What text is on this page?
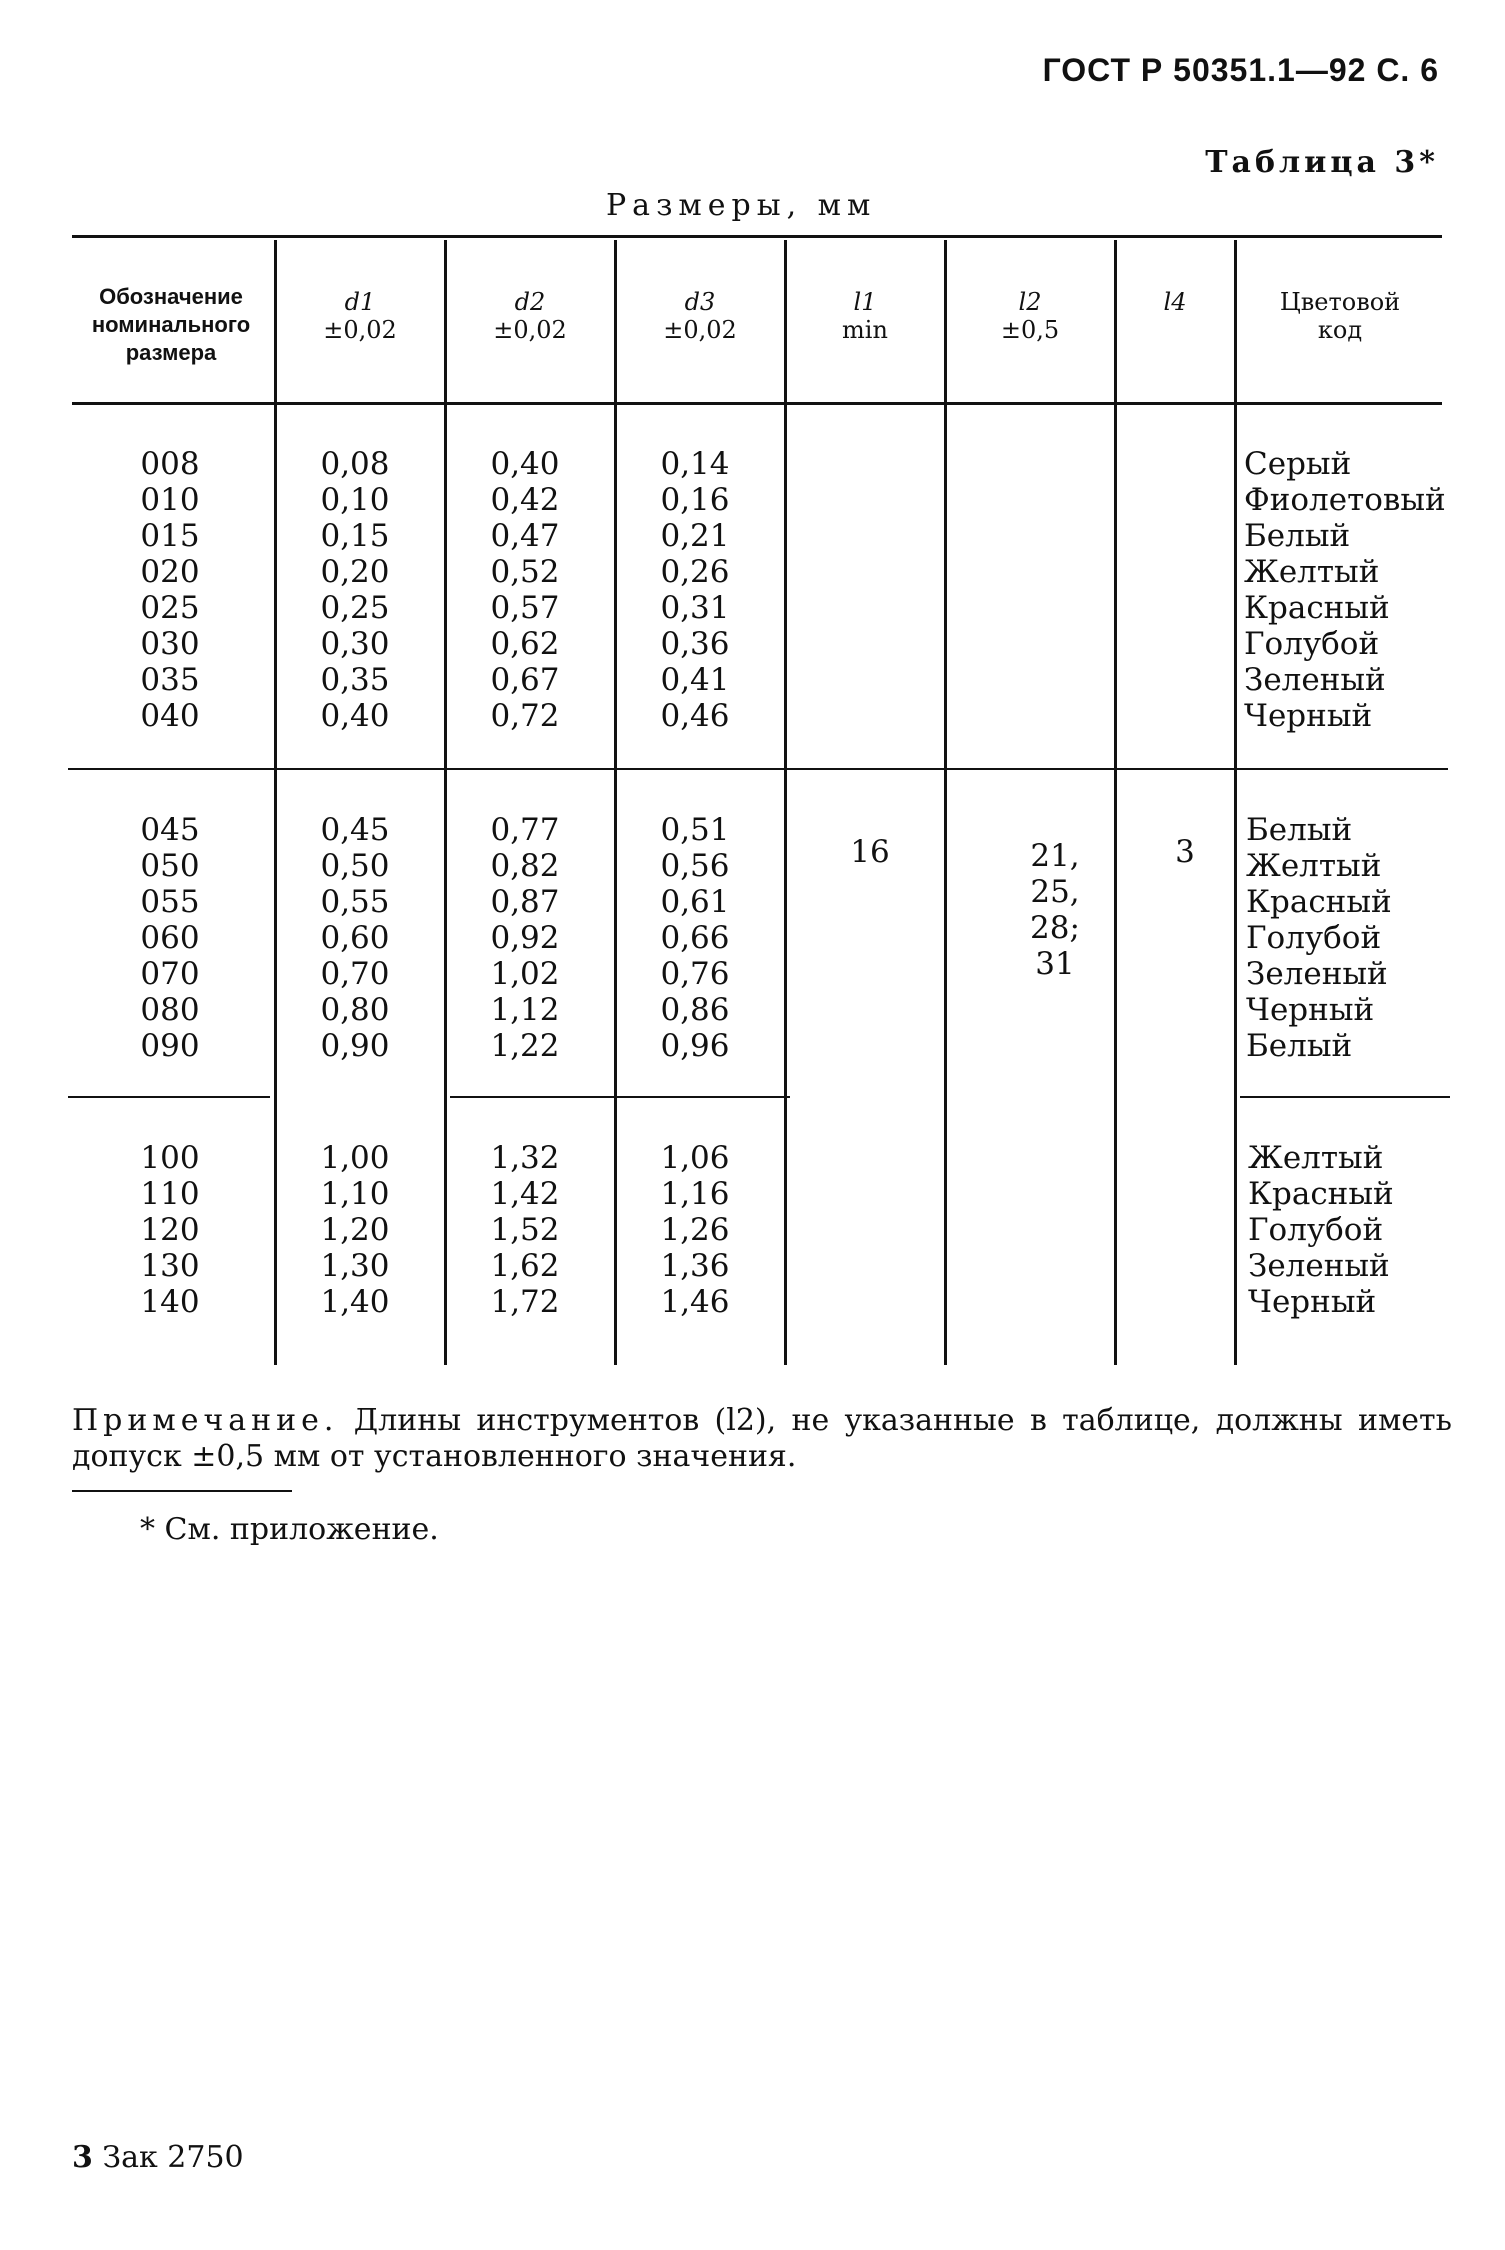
ГОСТ Р 50351.1—92 С. 6
Таблица 3*
Размеры, мм
Обозначение номинального размера
d1
±0,02
d2
±0,02
d3
±0,02
l1
min
l2
±0,5
l4	Цветовой код
008
010
015
020
025
030
035
040
0,08
0,10
0,15
0,20
0,25
0,30
0,35
0,40
0,40
0,42
0,47
0,52
0,57
0,62
0,67
0,72
0,14
0,16
0,21
0,26
0,31
0,36
0,41
0,46
Серый
Фиолетовый
Белый
Желтый
Красный
Голубой
Зеленый
Черный
045
050
055
060
070
080
090
0,45
0,50
0,55
0,60
0,70
0,80
0,90
0,77
0,82
0,87
0,92
1,02
1,12
1,22
0,51
0,56
0,61
0,66
0,76
0,86
0,96
Белый
Желтый
Красный
Голубой
Зеленый
Черный
Белый
100
110
120
130
140
1,00
1,10
1,20
1,30
1,40
1,32
1,42
1,52
1,62
1,72
1,06
1,16
1,26
1,36
1,46
Желтый
Красный
Голубой
Зеленый
Черный
16	21,
25,
28;
31
3
Примечание. Длины инструментов (l2), не указанные в таблице, должны иметь допуск ±0,5 мм от установленного значения.
* См. приложение.
3 Зак 2750
